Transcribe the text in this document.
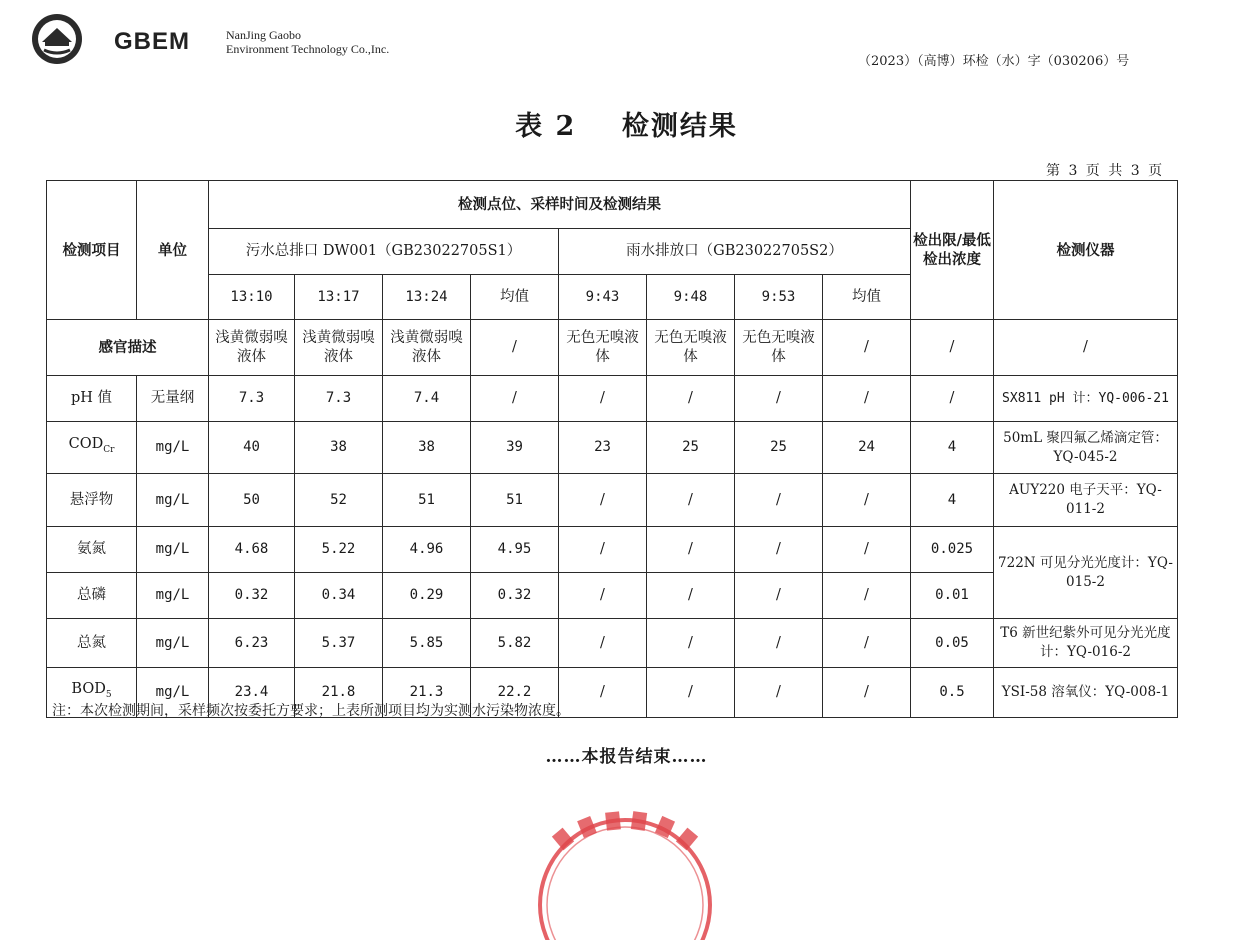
GBEM	NanJing Gaobo
Environment Technology Co.,Inc.
（2023）（高博）环检（水）字（030206）号
表 2 检测结果
第 3 页 共 3 页
检测项目	单位	检测点位、采样时间及检测结果								检出限/最低检出浓度	检测仪器
		污水总排口 DW001（GB23022705S1）				雨水排放口（GB23022705S2）					
		13:10	13:17	13:24	均值	9:43	9:48	9:53	均值		
感官描述		浅黄微弱嗅液体	浅黄微弱嗅液体	浅黄微弱嗅液体	/	无色无嗅液体	无色无嗅液体	无色无嗅液体	/	/	/
pH 值	无量纲	7.3	7.3	7.4	/	/	/	/	/	/	SX811 pH 计：YQ-006-21
$COD_{Cr}$	mg/L	40	38	38	39	23	25	25	24	4	50mL 聚四氟乙烯滴定管：YQ-045-2
悬浮物	mg/L	50	52	51	51	/	/	/	/	4	AUY220 电子天平：YQ-011-2
氨氮	mg/L	4.68	5.22	4.96	4.95	/	/	/	/	0.025	722N 可见分光光度计：YQ-015-2
总磷	mg/L	0.32	0.34	0.29	0.32	/	/	/	/	0.01	
总氮	mg/L	6.23	5.37	5.85	5.82	/	/	/	/	0.05	T6 新世纪紫外可见分光光度计：YQ-016-2
$BOD_5$	mg/L	23.4	21.8	21.3	22.2	/	/	/	/	0.5	YSI-58 溶氧仪：YQ-008-1
注：本次检测期间，采样频次按委托方要求；上表所测项目均为实测水污染物浓度。
……本报告结束……
